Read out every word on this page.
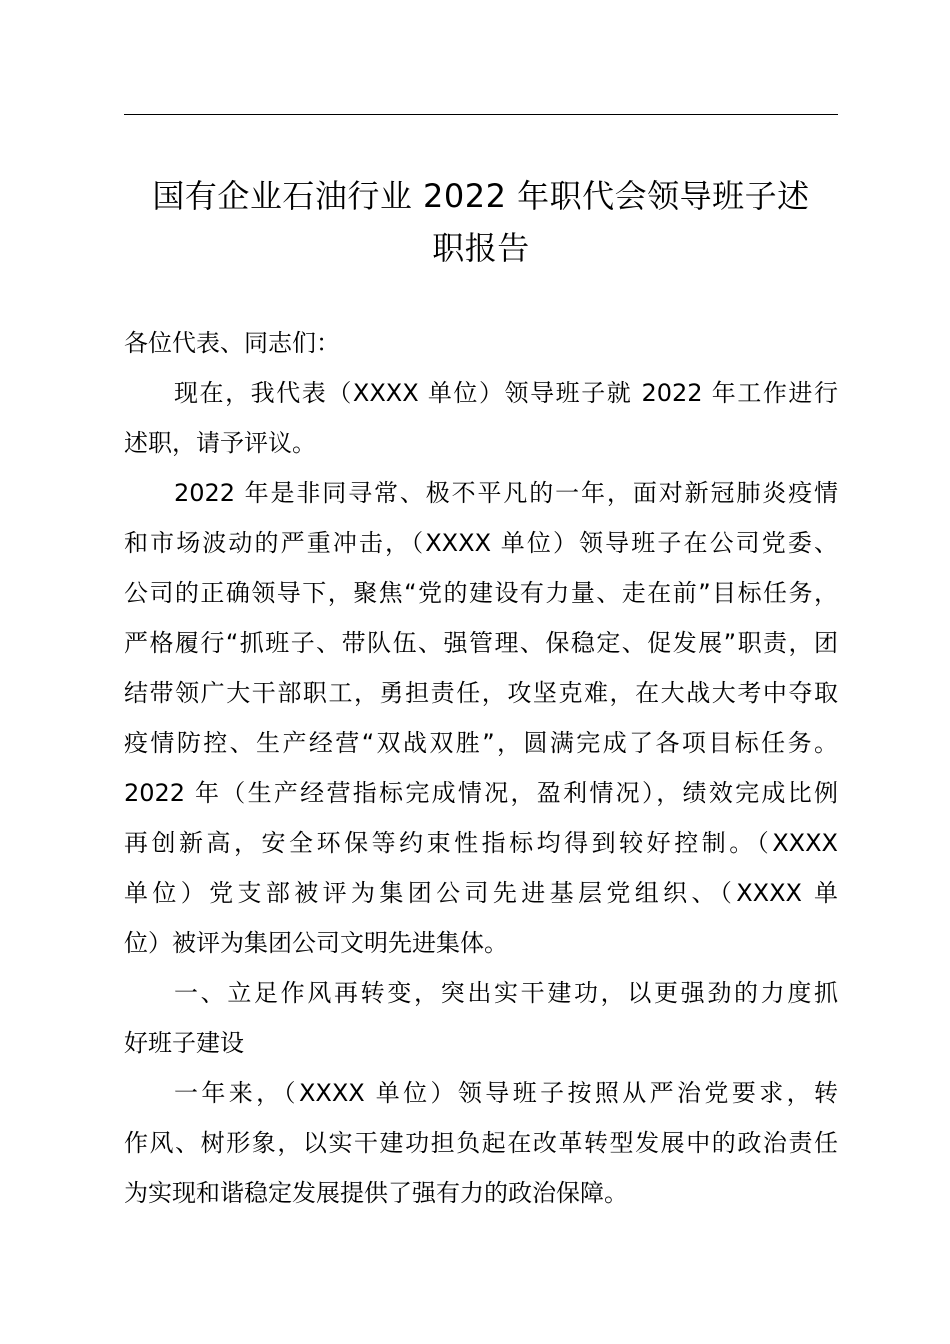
国有企业石油行业 2022 年职代会领导班子述
职报告
各位代表、同志们：
现在，我代表（XXXX 单位）领导班子就 2022 年工作进行
述职，请予评议。
2022 年是非同寻常、极不平凡的一年，面对新冠肺炎疫情
和市场波动的严重冲击，（XXXX 单位）领导班子在公司党委、
公司的正确领导下，聚焦“党的建设有力量、走在前”目标任务，
严格履行“抓班子、带队伍、强管理、保稳定、促发展”职责，团
结带领广大干部职工，勇担责任，攻坚克难，在大战大考中夺取
疫情防控、生产经营“双战双胜”，圆满完成了各项目标任务。
2022 年（生产经营指标完成情况，盈利情况），绩效完成比例
再创新高，安全环保等约束性指标均得到较好控制。（XXXX
单位）党支部被评为集团公司先进基层党组织、（XXXX 单
位）被评为集团公司文明先进集体。
一、立足作风再转变，突出实干建功，以更强劲的力度抓
好班子建设
一年来，（XXXX 单位）领导班子按照从严治党要求，转
作风、树形象，以实干建功担负起在改革转型发展中的政治责任
为实现和谐稳定发展提供了强有力的政治保障。
